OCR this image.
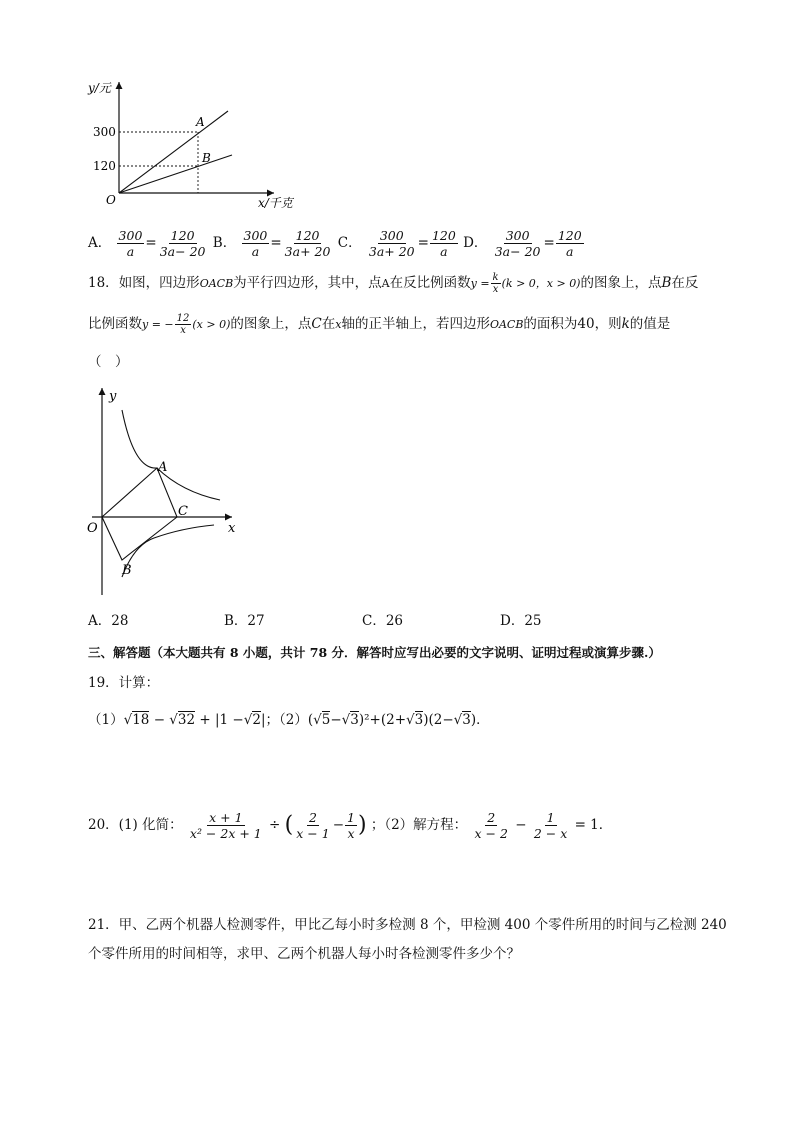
y/元
x/千克
300
120
O
A
B
A． $\frac{300}{a} = \frac{120}{3a- 20}$ B． $\frac{300}{a} = \frac{120}{3a+ 20}$ C． $\frac{300}{3a+ 20} = \frac{120}{a}$ D． $\frac{300}{3a- 20} = \frac{120}{a}$
18．如图，四边形OACB为平行四边形，其中，点A在反比例函数$y = \frac{k}{x} (k > 0$，x > 0)的图象上，点B在反
比例函数y = − $\frac{12}{x} (x > 0)$的图象上，点C在x轴的正半轴上，若四边形OACB的面积为40，则k的值是
（　）
y
x
O
A
C
B
A．28	B．27	C．26	D．25
三、解答题（本大题共有 8 小题，共计 78 分．解答时应写出必要的文字说明、证明过程或演算步骤.）
19．计算：
（1）√18 − √32 + |1 −√2|；（2）(√5−√3)²+(2+√3)(2−√3)．
20．(1) 化简： $\frac{x + 1}{\text{x² − 2x + 1}}$ ÷ ( $\frac{2}{x - 1} - \frac{1}{x}$ ) ；（2）解方程： $\frac{2}{x - 2} - \frac{1}{2 - x} = 1$．
21．甲、乙两个机器人检测零件，甲比乙每小时多检测 8 个，甲检测 400 个零件所用的时间与乙检测 240
个零件所用的时间相等，求甲、乙两个机器人每小时各检测零件多少个？
